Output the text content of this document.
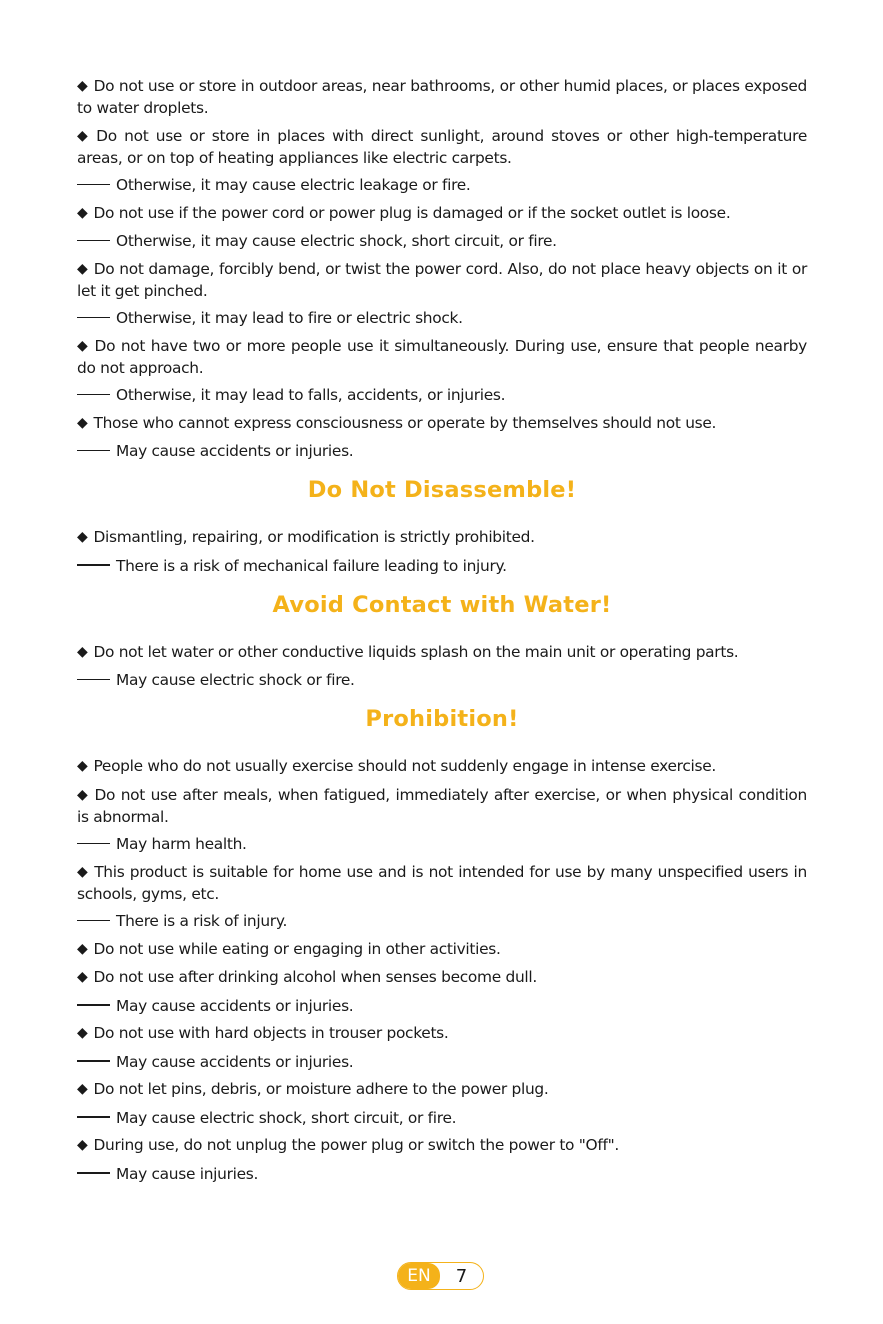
◆ Do not use or store in outdoor areas, near bathrooms, or other humid places, or places exposed to water droplets.

◆ Do not use or store in places with direct sunlight, around stoves or other high-temperature areas, or on top of heating appliances like electric carpets.

Otherwise, it may cause electric leakage or fire.

◆ Do not use if the power cord or power plug is damaged or if the socket outlet is loose.

Otherwise, it may cause electric shock, short circuit, or fire.

◆ Do not damage, forcibly bend, or twist the power cord. Also, do not place heavy objects on it or let it get pinched.

Otherwise, it may lead to fire or electric shock.

◆ Do not have two or more people use it simultaneously. During use, ensure that people nearby do not approach.

Otherwise, it may lead to falls, accidents, or injuries.

◆ Those who cannot express consciousness or operate by themselves should not use.

May cause accidents or injuries.

Do Not Disassemble!

◆ Dismantling, repairing, or modification is strictly prohibited.

There is a risk of mechanical failure leading to injury.

Avoid Contact with Water!

◆ Do not let water or other conductive liquids splash on the main unit or operating parts.

May cause electric shock or fire.

Prohibition!

◆ People who do not usually exercise should not suddenly engage in intense exercise.

◆ Do not use after meals, when fatigued, immediately after exercise, or when physical condition is abnormal.

May harm health.

◆ This product is suitable for home use and is not intended for use by many unspecified users in schools, gyms, etc.

There is a risk of injury.

◆ Do not use while eating or engaging in other activities.

◆ Do not use after drinking alcohol when senses become dull.

May cause accidents or injuries.

◆ Do not use with hard objects in trouser pockets.

May cause accidents or injuries.

◆ Do not let pins, debris, or moisture adhere to the power plug.

May cause electric shock, short circuit, or fire.

◆ During use, do not unplug the power plug or switch the power to "Off".

May cause injuries.

EN	7
